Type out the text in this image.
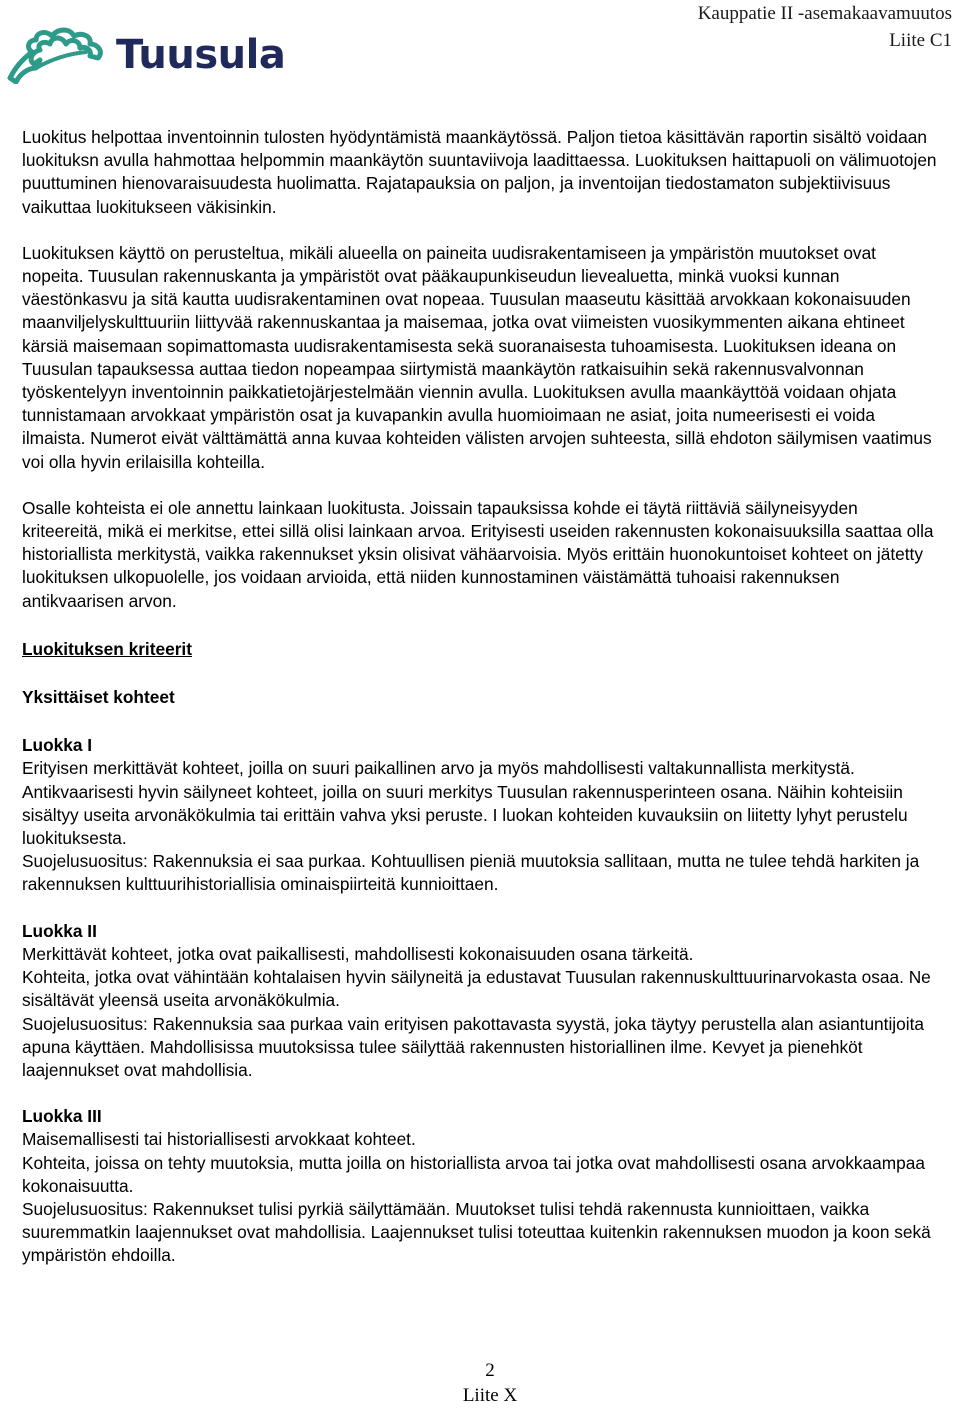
Kauppatie II -asemakaavamuutos
Liite C1
Tuusula

Luokitus helpottaa inventoinnin tulosten hyödyntämistä maankäytössä. Paljon tietoa käsittävän raportin sisältö voidaan luokituksn avulla hahmottaa helpommin maankäytön suuntaviivoja laadittaessa. Luokituksen haittapuoli on välimuotojen puuttuminen hienovaraisuudesta huolimatta. Rajatapauksia on paljon, ja inventoijan tiedostamaton subjektiivisuus vaikuttaa luokitukseen väkisinkin.

Luokituksen käyttö on perusteltua, mikäli alueella on paineita uudisrakentamiseen ja ympäristön muutokset ovat nopeita. Tuusulan rakennuskanta ja ympäristöt ovat pääkaupunkiseudun lievealuetta, minkä vuoksi kunnan väestönkasvu ja sitä kautta uudisrakentaminen ovat nopeaa. Tuusulan maaseutu käsittää arvokkaan kokonaisuuden maanviljelyskulttuuriin liittyvää rakennuskantaa ja maisemaa, jotka ovat viimeisten vuosikymmenten aikana ehtineet kärsiä maisemaan sopimattomasta uudisrakentamisesta sekä suoranaisesta tuhoamisesta. Luokituksen ideana on Tuusulan tapauksessa auttaa tiedon nopeampaa siirtymistä maankäytön ratkaisuihin sekä rakennusvalvonnan työskentelyyn inventoinnin paikkatietojärjestelmään viennin avulla. Luokituksen avulla maankäyttöä voidaan ohjata tunnistamaan arvokkaat ympäristön osat ja kuvapankin avulla huomioimaan ne asiat, joita numeerisesti ei voida ilmaista. Numerot eivät välttämättä anna kuvaa kohteiden välisten arvojen suhteesta, sillä ehdoton säilymisen vaatimus voi olla hyvin erilaisilla kohteilla.

Osalle kohteista ei ole annettu lainkaan luokitusta. Joissain tapauksissa kohde ei täytä riittäviä säilyneisyyden kriteereitä, mikä ei merkitse, ettei sillä olisi lainkaan arvoa. Erityisesti useiden rakennusten kokonaisuuksilla saattaa olla historiallista merkitystä, vaikka rakennukset yksin olisivat vähäarvoisia. Myös erittäin huonokuntoiset kohteet on jätetty luokituksen ulkopuolelle, jos voidaan arvioida, että niiden kunnostaminen väistämättä tuhoaisi rakennuksen antikvaarisen arvon.

Luokituksen kriteerit

Yksittäiset kohteet

Luokka I

Erityisen merkittävät kohteet, joilla on suuri paikallinen arvo ja myös mahdollisesti valtakunnallista merkitystä.

Antikvaarisesti hyvin säilyneet kohteet, joilla on suuri merkitys Tuusulan rakennusperinteen osana. Näihin kohteisiin sisältyy useita arvonäkökulmia tai erittäin vahva yksi peruste. I luokan kohteiden kuvauksiin on liitetty lyhyt perustelu luokituksesta.

Suojelusuositus: Rakennuksia ei saa purkaa. Kohtuullisen pieniä muutoksia sallitaan, mutta ne tulee tehdä harkiten ja rakennuksen kulttuurihistoriallisia ominaispiirteitä kunnioittaen.

Luokka II

Merkittävät kohteet, jotka ovat paikallisesti, mahdollisesti kokonaisuuden osana tärkeitä.

Kohteita, jotka ovat vähintään kohtalaisen hyvin säilyneitä ja edustavat Tuusulan rakennuskulttuurinarvokasta osaa. Ne sisältävät yleensä useita arvonäkökulmia.

Suojelusuositus: Rakennuksia saa purkaa vain erityisen pakottavasta syystä, joka täytyy perustella alan asiantuntijoita apuna käyttäen. Mahdollisissa muutoksissa tulee säilyttää rakennusten historiallinen ilme. Kevyet ja pienehköt laajennukset ovat mahdollisia.

Luokka III

Maisemallisesti tai historiallisesti arvokkaat kohteet.

Kohteita, joissa on tehty muutoksia, mutta joilla on historiallista arvoa tai jotka ovat mahdollisesti osana arvokkaampaa kokonaisuutta.

Suojelusuositus: Rakennukset tulisi pyrkiä säilyttämään. Muutokset tulisi tehdä rakennusta kunnioittaen, vaikka suuremmatkin laajennukset ovat mahdollisia. Laajennukset tulisi toteuttaa kuitenkin rakennuksen muodon ja koon sekä ympäristön ehdoilla.

2
Liite X
